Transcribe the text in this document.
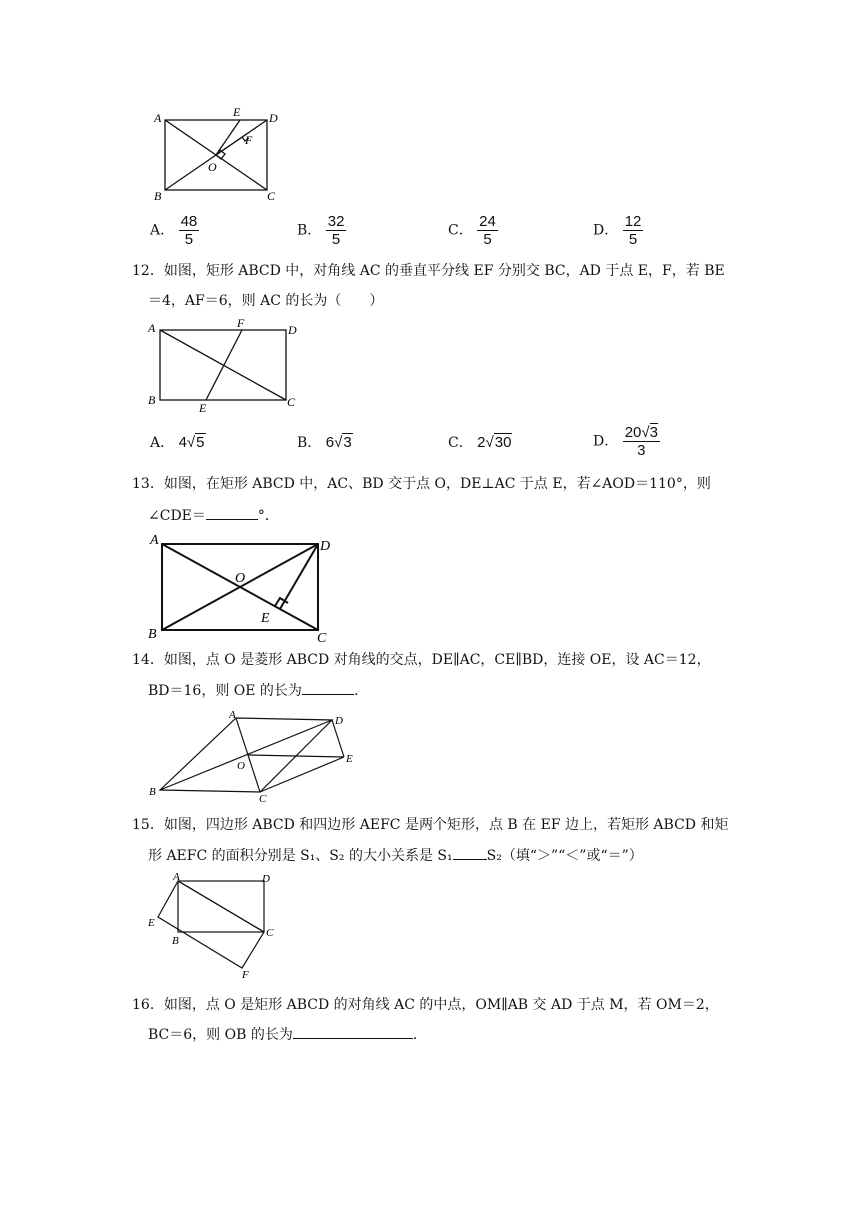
A
B	C
D
E
F
O
A． $\frac{48}{5}$	B． $\frac{32}{5}$	C． $\frac{24}{5}$	D． $\frac{12}{5}$
12．如图，矩形 ABCD 中，对角线 AC 的垂直平分线 EF 分别交 BC，AD 于点 E，F，若 BE
＝4，AF＝6，则 AC 的长为（　　）
A
B	C
D
E
F
A． 4√5	B． 6√3	C． 2√30	D． $\frac{20√3}{3}$
13．如图，在矩形 ABCD 中，AC、BD 交于点 O，DE⊥AC 于点 E，若∠AOD＝110°，则
∠CDE＝	°．
A
B	C
D
E
O
14．如图，点 O 是菱形 ABCD 对角线的交点，DE∥AC，CE∥BD，连接 OE，设 AC＝12，
BD＝16，则 OE 的长为	.
A
B
C
D
E
O
15．如图，四边形 ABCD 和四边形 AEFC 是两个矩形，点 B 在 EF 边上，若矩形 ABCD 和矩
形 AEFC 的面积分别是 S₁、S₂ 的大小关系是 S₁ S₂（填“＞”“＜”或“＝”）
A
B
C
D
E
F
16．如图，点 O 是矩形 ABCD 的对角线 AC 的中点，OM∥AB 交 AD 于点 M，若 OM＝2，
BC＝6，则 OB 的长为	.
